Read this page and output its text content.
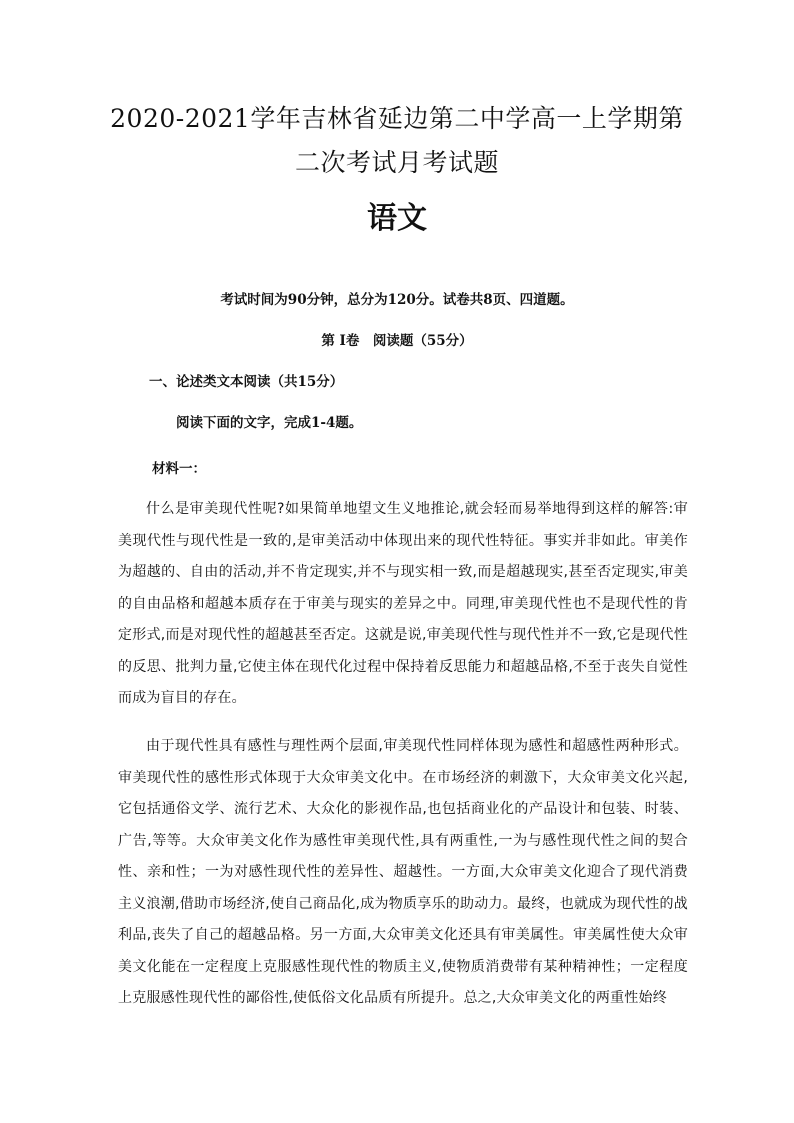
2020-2021学年吉林省延边第二中学高一上学期第二次考试月考试题
语文
考试时间为90分钟，总分为120分。试卷共8页、四道题。
第 I卷　阅读题（55分）
一、论述类文本阅读（共15分）
阅读下面的文字，完成1-4题。
材料一：

什么是审美现代性呢?如果简单地望文生义地推论,就会轻而易举地得到这样的解答:审美现代性与现代性是一致的,是审美活动中体现出来的现代性特征。事实并非如此。审美作为超越的、自由的活动,并不肯定现实,并不与现实相一致,而是超越现实,甚至否定现实,审美的自由品格和超越本质存在于审美与现实的差异之中。同理,审美现代性也不是现代性的肯定形式,而是对现代性的超越甚至否定。这就是说,审美现代性与现代性并不一致,它是现代性的反思、批判力量,它使主体在现代化过程中保持着反思能力和超越品格,不至于丧失自觉性而成为盲目的存在。

由于现代性具有感性与理性两个层面,审美现代性同样体现为感性和超感性两种形式。审美现代性的感性形式体现于大众审美文化中。在市场经济的刺激下，大众审美文化兴起,它包括通俗文学、流行艺术、大众化的影视作品,也包括商业化的产品设计和包装、时装、广告,等等。大众审美文化作为感性审美现代性,具有两重性,一为与感性现代性之间的契合性、亲和性；一为对感性现代性的差异性、超越性。一方面,大众审美文化迎合了现代消费主义浪潮,借助市场经济,使自己商品化,成为物质享乐的助动力。最终，也就成为现代性的战利品,丧失了自己的超越品格。另一方面,大众审美文化还具有审美属性。审美属性使大众审美文化能在一定程度上克服感性现代性的物质主义,使物质消费带有某种精神性；一定程度上克服感性现代性的鄙俗性,使低俗文化品质有所提升。总之,大众审美文化的两重性始终
